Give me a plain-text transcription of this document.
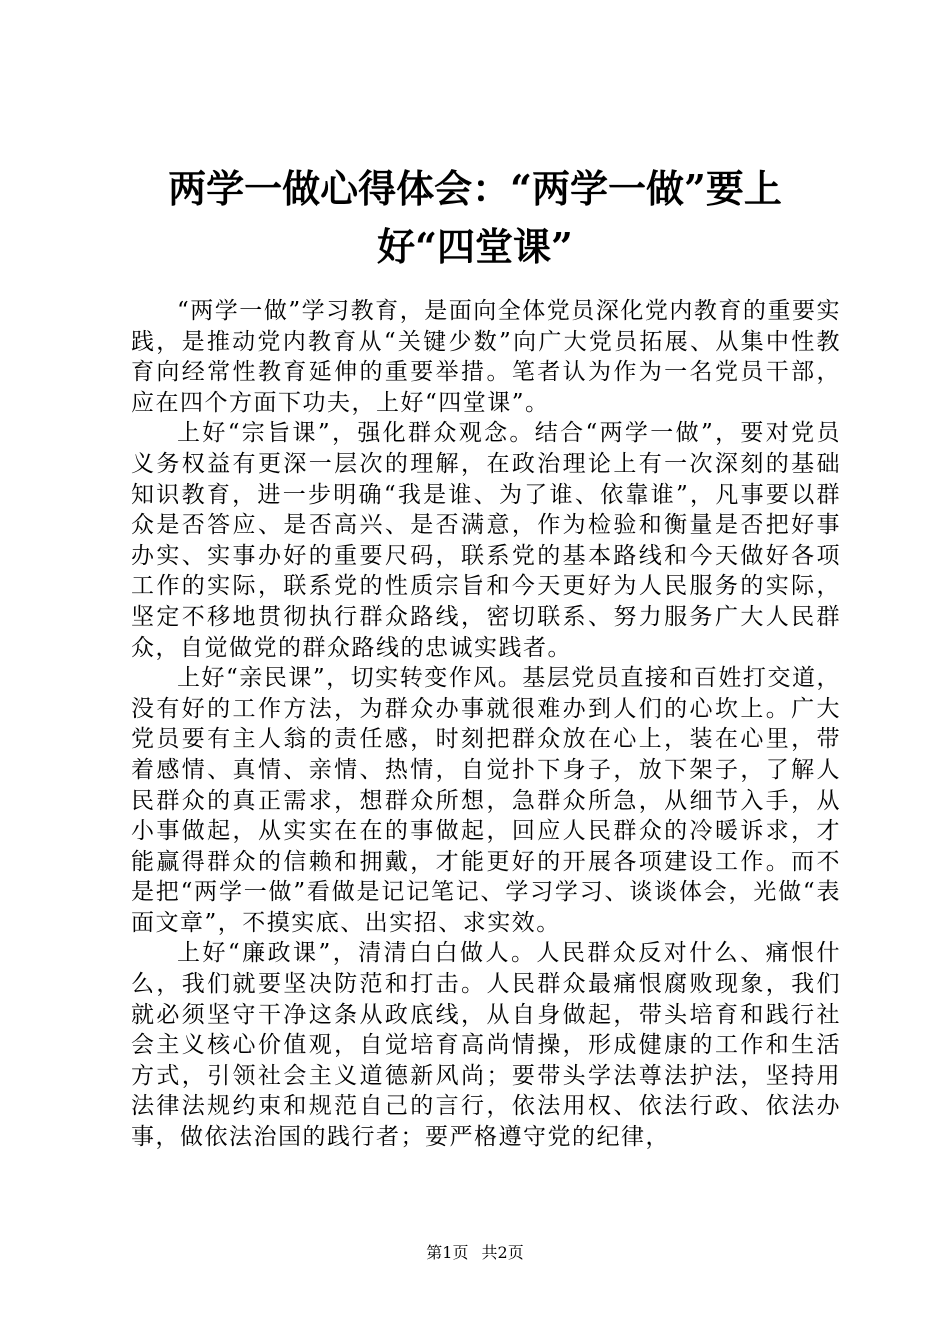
两学一做心得体会：“两学一做”要上好“四堂课”

“两学一做”学习教育，是面向全体党员深化党内教育的重要实践，是推动党内教育从“关键少数”向广大党员拓展、从集中性教育向经常性教育延伸的重要举措。笔者认为作为一名党员干部，应在四个方面下功夫，上好“四堂课”。

上好“宗旨课”，强化群众观念。结合“两学一做”，要对党员义务权益有更深一层次的理解，在政治理论上有一次深刻的基础知识教育，进一步明确“我是谁、为了谁、依靠谁”，凡事要以群众是否答应、是否高兴、是否满意，作为检验和衡量是否把好事办实、实事办好的重要尺码，联系党的基本路线和今天做好各项工作的实际，联系党的性质宗旨和今天更好为人民服务的实际，坚定不移地贯彻执行群众路线，密切联系、努力服务广大人民群众，自觉做党的群众路线的忠诚实践者。

上好“亲民课”，切实转变作风。基层党员直接和百姓打交道，没有好的工作方法，为群众办事就很难办到人们的心坎上。广大党员要有主人翁的责任感，时刻把群众放在心上，装在心里，带着感情、真情、亲情、热情，自觉扑下身子，放下架子，了解人民群众的真正需求，想群众所想，急群众所急，从细节入手，从小事做起，从实实在在的事做起，回应人民群众的冷暖诉求，才能赢得群众的信赖和拥戴，才能更好的开展各项建设工作。而不是把“两学一做”看做是记记笔记、学习学习、谈谈体会，光做“表面文章”，不摸实底、出实招、求实效。

上好“廉政课”，清清白白做人。人民群众反对什么、痛恨什么，我们就要坚决防范和打击。人民群众最痛恨腐败现象，我们就必须坚守干净这条从政底线，从自身做起，带头培育和践行社会主义核心价值观，自觉培育高尚情操，形成健康的工作和生活方式，引领社会主义道德新风尚；要带头学法尊法护法，坚持用法律法规约束和规范自己的言行，依法用权、依法行政、依法办事，做依法治国的践行者；要严格遵守党的纪律，

第1页 共2页
